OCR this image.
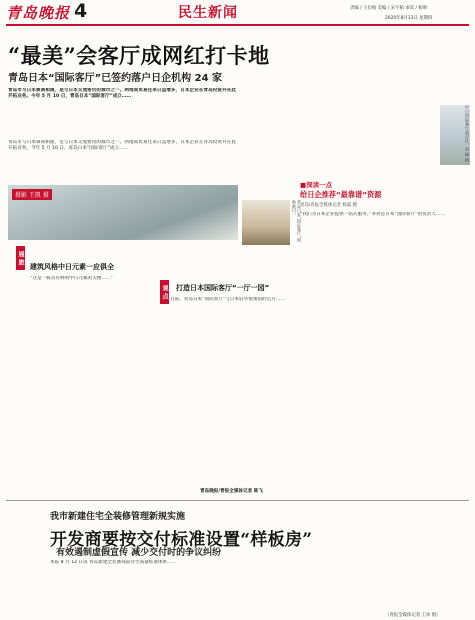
青岛晚报 4	民生新闻	责编 / 王衍梅 美编 / 宋宇箱 审读 / 杨明
2020年8月13日 星期四
“最美”会客厅成网红打卡地
青岛日本“国际客厅”已签约落户日企机构 24 家
青岛市与日本频商相通，是与日本交流密切的城市之一。两地间贸易往来日益增多，日本企业在青岛投资并在此开拓业务。今年 5 月 10 日，青岛日本“国际客厅”成立……
青岛市与日本频商相通，是与日本交流密切的城市之一。两地间贸易往来日益增多，日本企业在青岛投资并在此开拓业务。今年 5 月 10 日，青岛日本“国际客厅”成立……	中日国际客厅展示区，赵 峰 摄
摄影 王凯 摄
青岛日本“国际客厅”创新港口。
展 旅
建筑风格中日元素一应俱全
“这是一栋具有鲜明中日元素的大楼……”
观 点 打造日本国际客厅“一厅一园”
目前，青岛日本“国际客厅”与日本驻华使领馆的官方……
青岛晚报/青报全媒体记者 陈飞
■深读一点
给日企推荐“最靠谱”资源
青岛/青报全媒体记者 杨磊 摄
“我们为日本企业提供一站式服务。”李亮是日本“国际客厅”的负责人……
我市新建住宅全装修管理新规实施
开发商要按交付标准设置“样板房”
有效遏制虚假宣传 减少交付时的争议纠纷
本报 8 月 12 日讯 青岛新建全装修商品住宅质量标准体系……
（青报全媒体记者 王冰 摄）
